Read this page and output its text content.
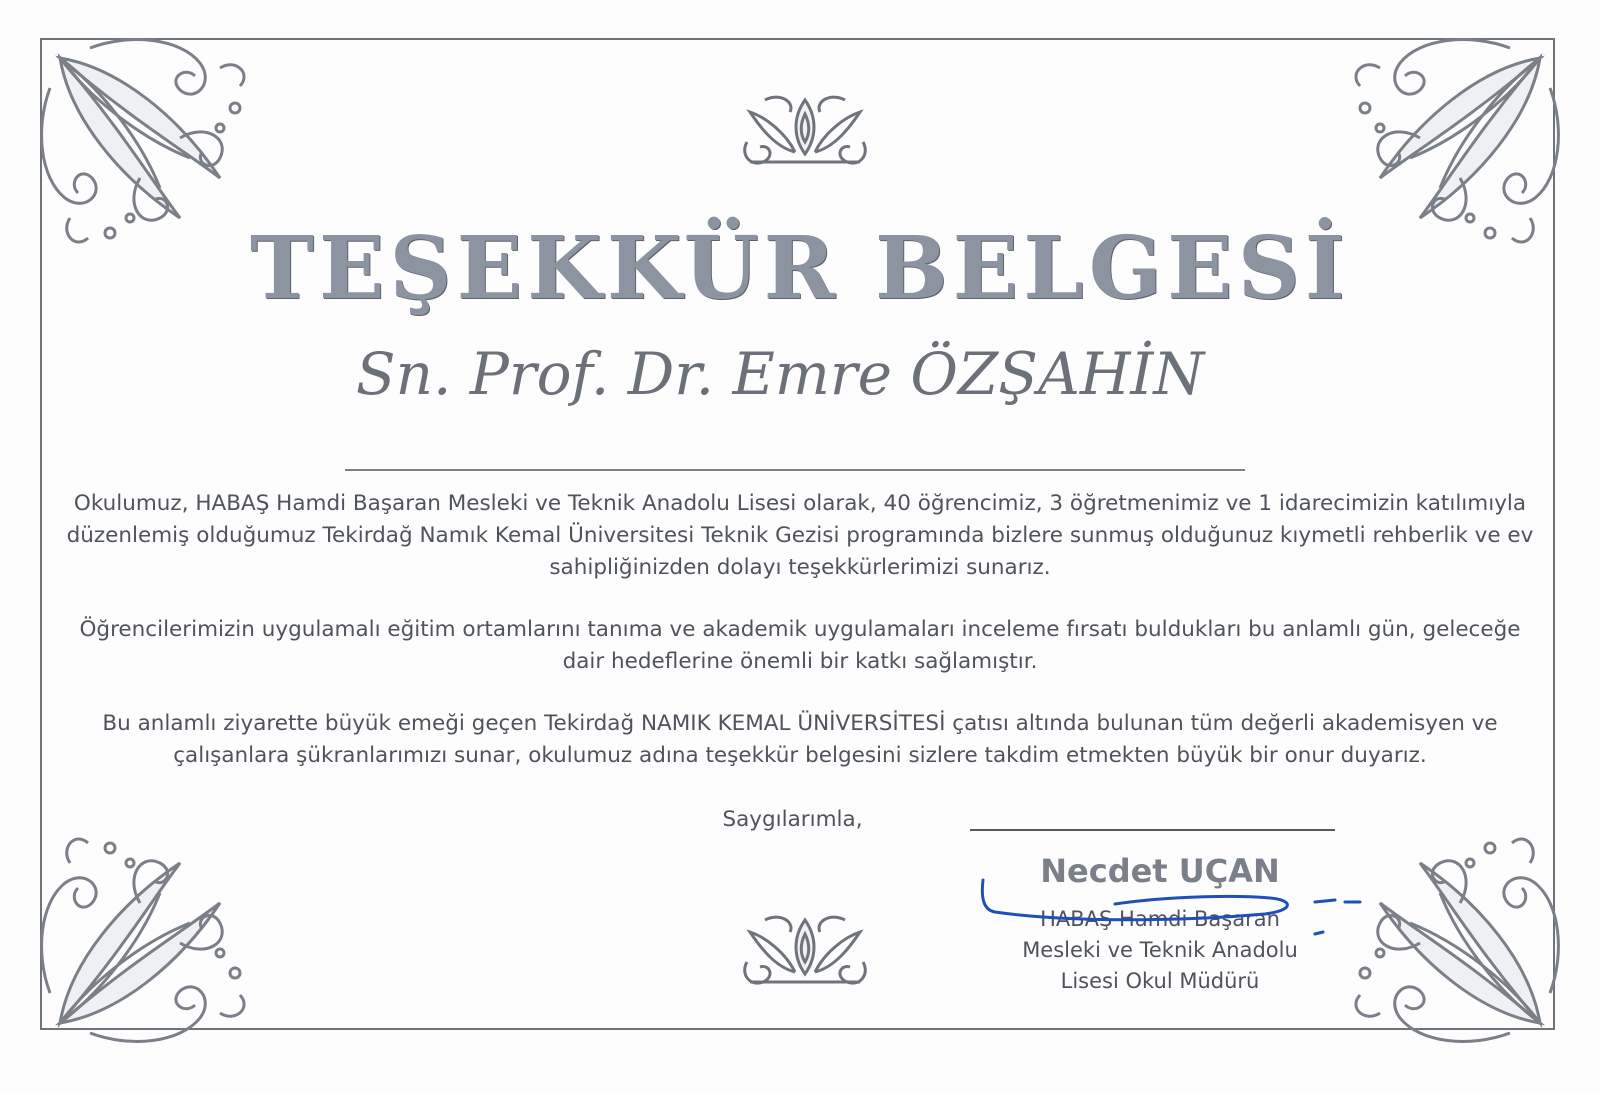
TEŞEKKÜR BELGESİ
Sn. Prof. Dr. Emre ÖZŞAHİN
Okulumuz, HABAŞ Hamdi Başaran Mesleki ve Teknik Anadolu Lisesi olarak, 40 öğrencimiz, 3 öğretmenimiz ve 1 idarecimizin katılımıyla düzenlemiş olduğumuz Tekirdağ Namık Kemal Üniversitesi Teknik Gezisi programında bizlere sunmuş olduğunuz kıymetli rehberlik ve ev sahipliğinizden dolayı teşekkürlerimizi sunarız.
Öğrencilerimizin uygulamalı eğitim ortamlarını tanıma ve akademik uygulamaları inceleme fırsatı buldukları bu anlamlı gün, geleceğe dair hedeflerine önemli bir katkı sağlamıştır.
Bu anlamlı ziyarette büyük emeği geçen Tekirdağ NAMIK KEMAL ÜNİVERSİTESİ çatısı altında bulunan tüm değerli akademisyen ve çalışanlara şükranlarımızı sunar, okulumuz adına teşekkür belgesini sizlere takdim etmekten büyük bir onur duyarız.
Saygılarımla,
Necdet UÇAN
HABAŞ Hamdi Başaran
Mesleki ve Teknik Anadolu
Lisesi Okul Müdürü
